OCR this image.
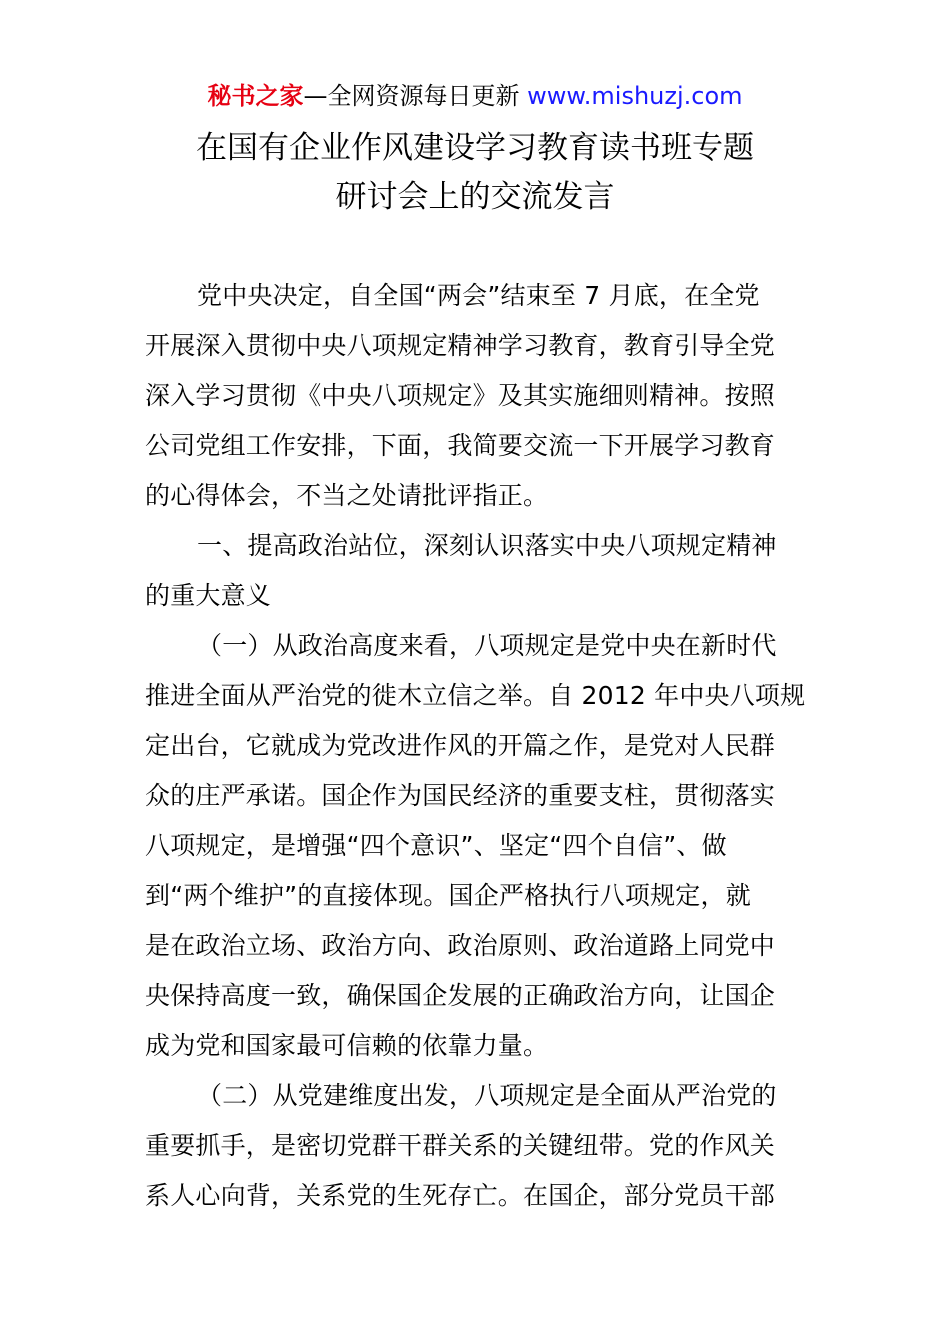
秘书之家—全网资源每日更新 www.mishuzj.com
在国有企业作风建设学习教育读书班专题
研讨会上的交流发言
党中央决定，自全国“两会”结束至 7 月底，在全党
开展深入贯彻中央八项规定精神学习教育，教育引导全党
深入学习贯彻《中央八项规定》及其实施细则精神。按照
公司党组工作安排，下面，我简要交流一下开展学习教育
的心得体会，不当之处请批评指正。
一、提高政治站位，深刻认识落实中央八项规定精神
的重大意义
（一）从政治高度来看，八项规定是党中央在新时代
推进全面从严治党的徙木立信之举。自 2012 年中央八项规
定出台，它就成为党改进作风的开篇之作，是党对人民群
众的庄严承诺。国企作为国民经济的重要支柱，贯彻落实
八项规定，是增强“四个意识”、坚定“四个自信”、做
到“两个维护”的直接体现。国企严格执行八项规定，就
是在政治立场、政治方向、政治原则、政治道路上同党中
央保持高度一致，确保国企发展的正确政治方向，让国企
成为党和国家最可信赖的依靠力量。
（二）从党建维度出发，八项规定是全面从严治党的
重要抓手，是密切党群干群关系的关键纽带。党的作风关
系人心向背，关系党的生死存亡。在国企，部分党员干部
